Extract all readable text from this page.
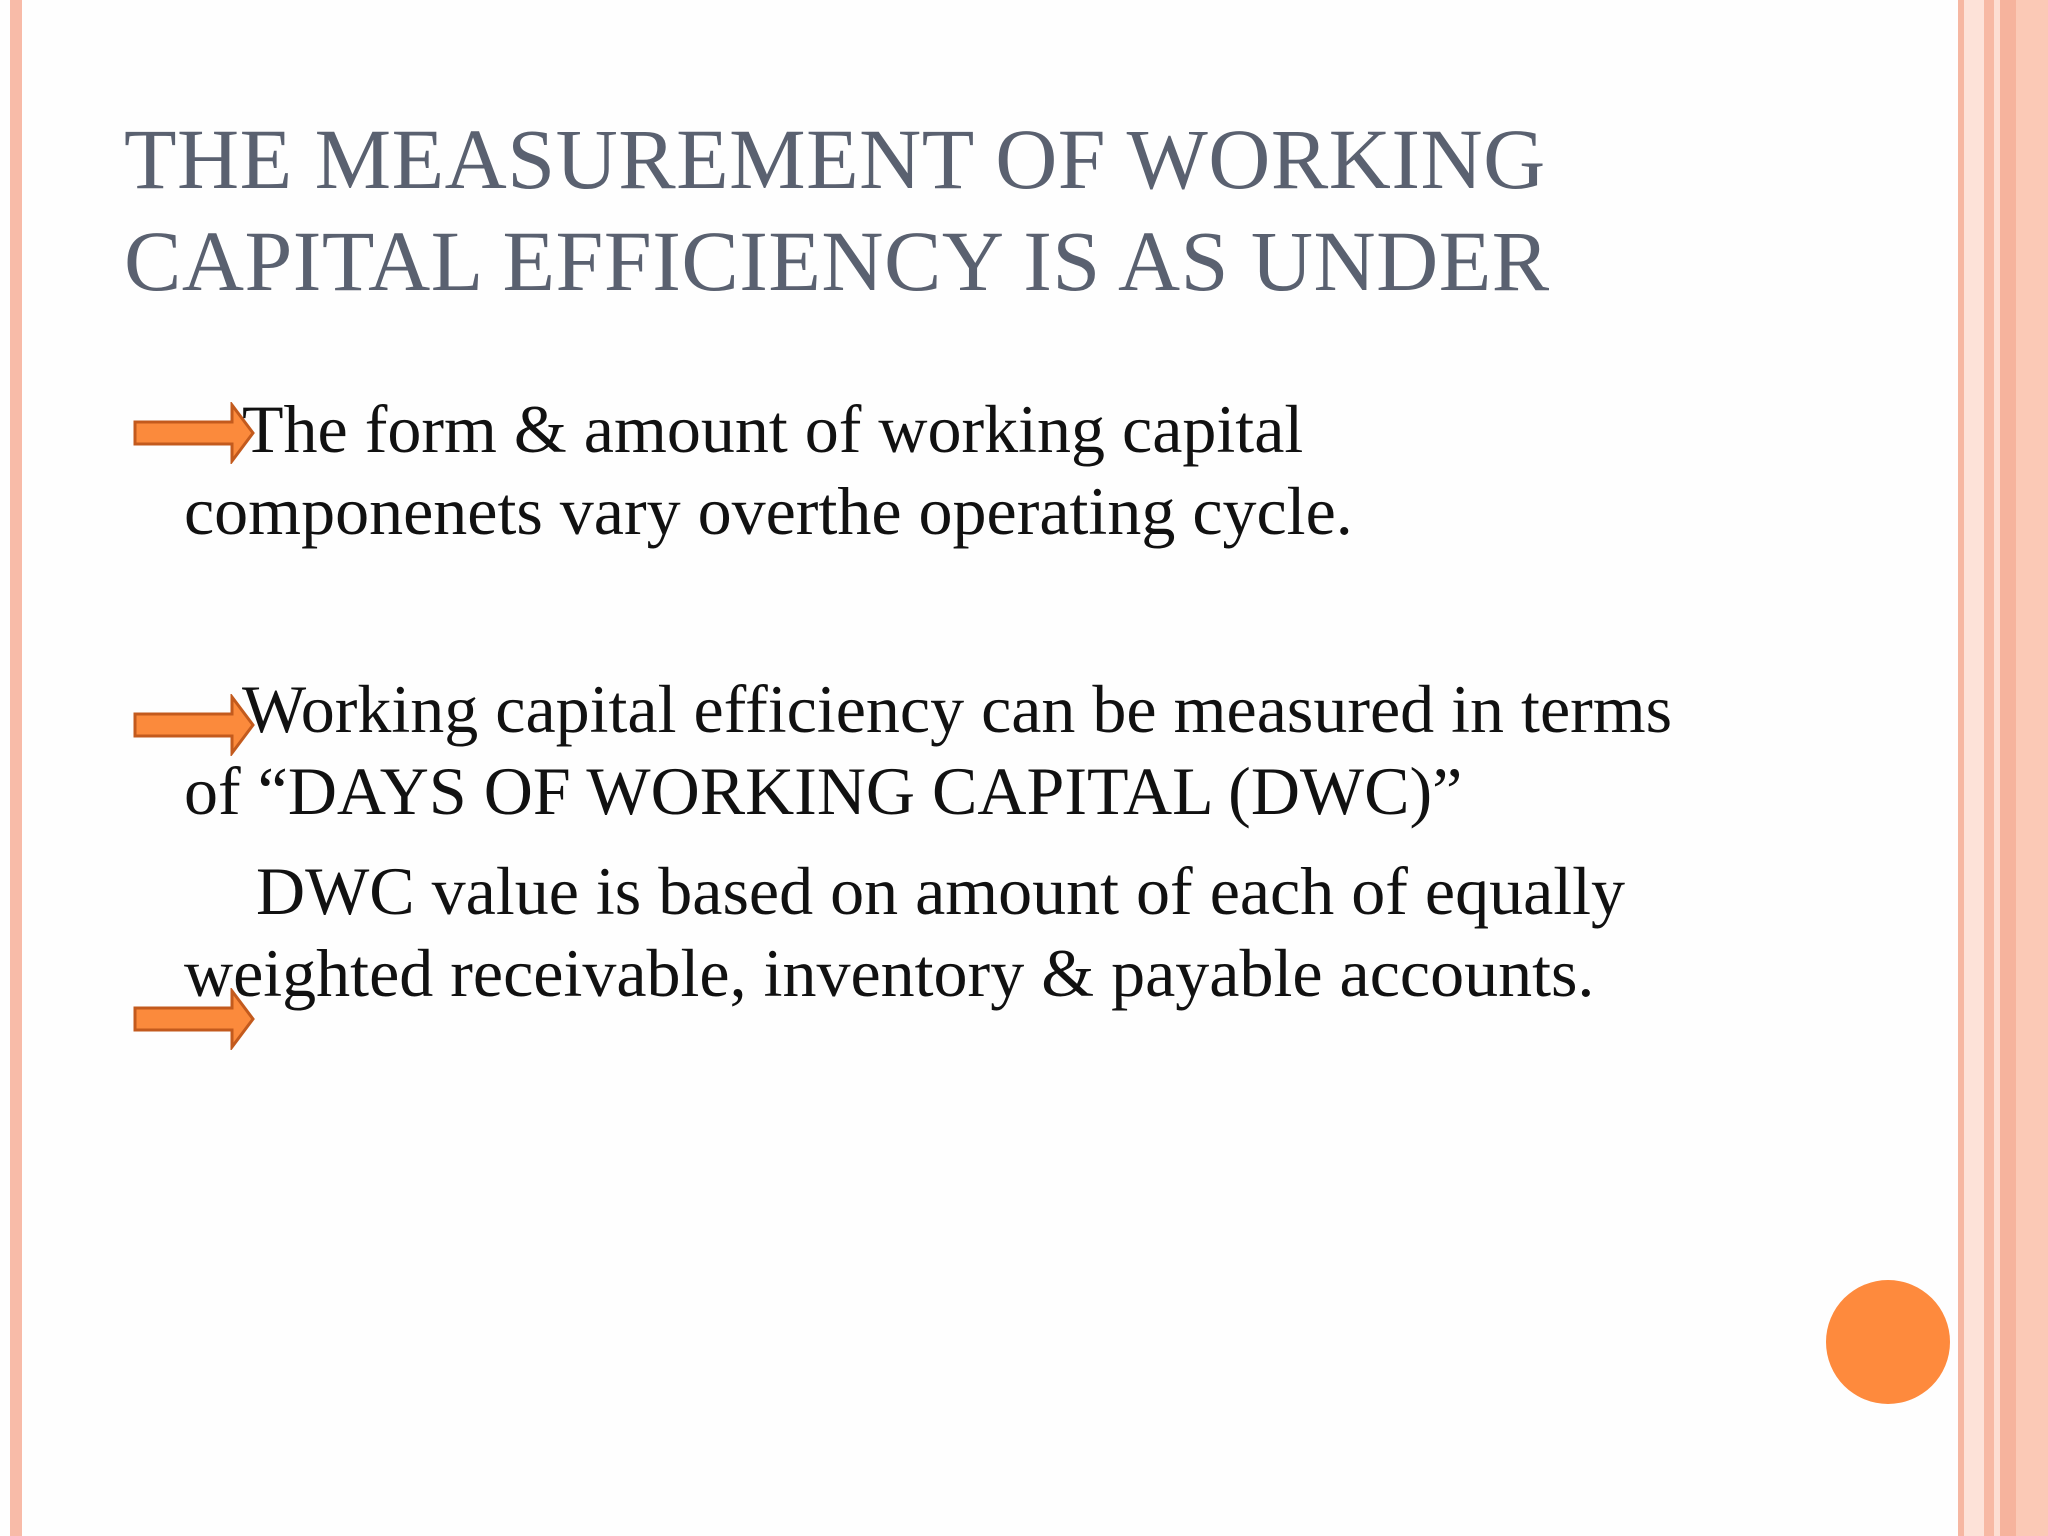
THE MEASUREMENT OF WORKING
CAPITAL EFFICIENCY IS AS UNDER

The form & amount of working capital
componenets vary overthe operating cycle.

Working capital efficiency can be measured in terms
of “DAYS OF WORKING CAPITAL (DWC)”

DWC value is based on amount of each of equally
weighted receivable, inventory & payable accounts.
